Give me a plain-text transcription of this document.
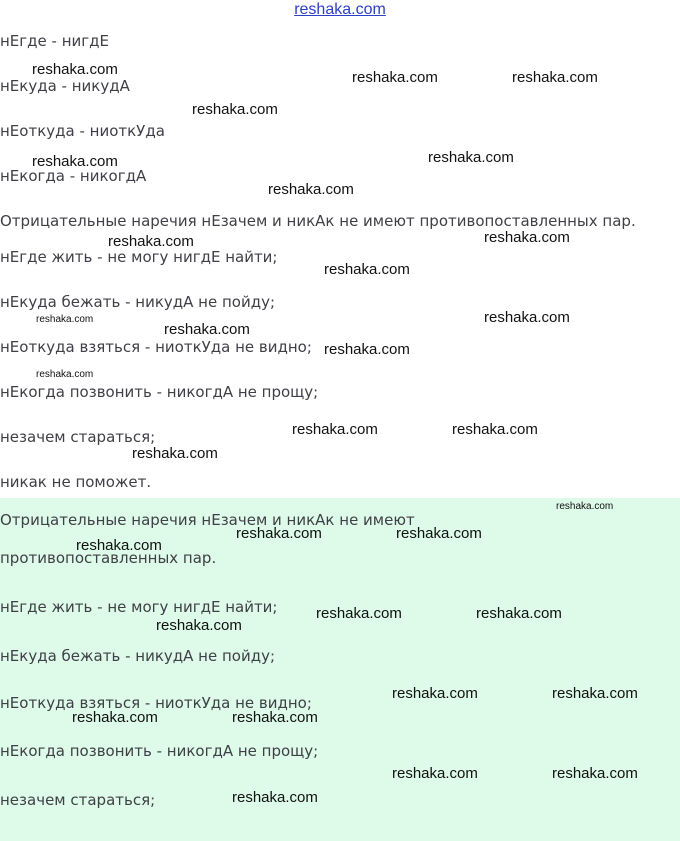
reshaka.com
нЕгде - нигдЕ
нЕкуда - никудА
нЕоткуда - ниоткУда
нЕкогда - никогдА
Отрицательные наречия нЕзачем и никАк не имеют противопоставленных пар.
нЕгде жить - не могу нигдЕ найти;
нЕкуда бежать - никудА не пойду;
нЕоткуда взяться - ниоткУда не видно;
нЕкогда позвонить - никогдА не прощу;
незачем стараться;
никак не поможет.
Отрицательные наречия нЕзачем и никАк не имеют
противопоставленных пар.
нЕгде жить - не могу нигдЕ найти;
нЕкуда бежать - никудА не пойду;
нЕоткуда взяться - ниоткУда не видно;
нЕкогда позвонить - никогдА не прощу;
незачем стараться;
reshaka.com	reshaka.com	reshaka.com
reshaka.com
reshaka.com	reshaka.com
reshaka.com
reshaka.com	reshaka.com
reshaka.com
reshaka.com
reshaka.com
reshaka.com
reshaka.com
reshaka.com
reshaka.com	reshaka.com
reshaka.com
reshaka.com
reshaka.com	reshaka.com
reshaka.com
reshaka.com	reshaka.com
reshaka.com
reshaka.com	reshaka.com
reshaka.com	reshaka.com
reshaka.com	reshaka.com
reshaka.com
